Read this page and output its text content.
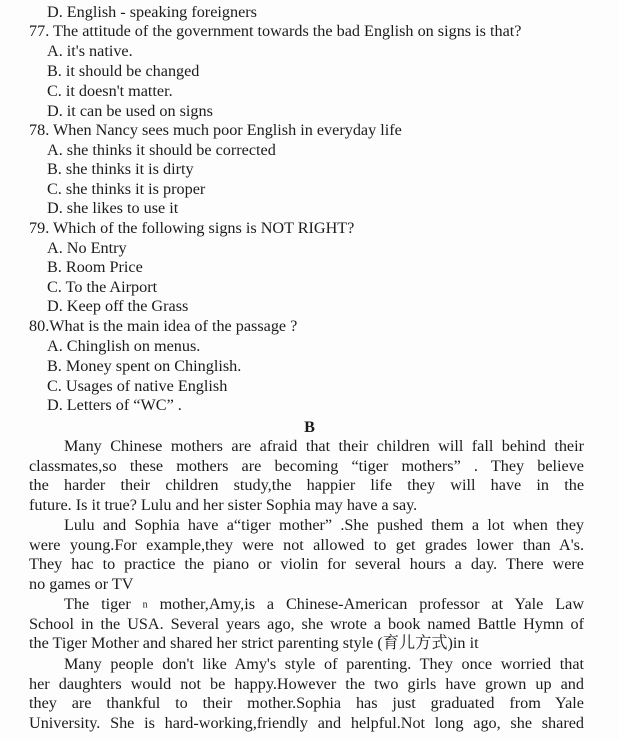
D. English - speaking foreigners
77. The attitude of the government towards the bad English on signs is that?
A. it's native.
B. it should be changed
C. it doesn't matter.
D. it can be used on signs
78. When Nancy sees much poor English in everyday life
A. she thinks it should be corrected
B. she thinks it is dirty
C. she thinks it is proper
D. she likes to use it
79. Which of the following signs is NOT RIGHT?
A. No Entry
B. Room Price
C. To the Airport
D. Keep off the Grass
80.What is the main idea of the passage ?
A. Chinglish on menus.
B. Money spent on Chinglish.
C. Usages of native English
D. Letters of “WC” .
B
Many Chinese mothers are afraid that their children will fall behind their
classmates,so these mothers are becoming “tiger mothers” . They believe
the harder their children study,the happier life they will have in the
future. Is it true? Lulu and her sister Sophia may have a say.
Lulu and Sophia have a“tiger mother” .She pushed them a lot when they
were young.For example,they were not allowed to get grades lower than A's.
They hac to practice the piano or violin for several hours a day. There were
no games or TV
The tiger n mother,Amy,is a Chinese-American professor at Yale Law
School in the USA. Several years ago, she wrote a book named Battle Hymn of
the Tiger Mother and shared her strict parenting style (育儿方式)in it
Many people don't like Amy's style of parenting. They once worried that
her daughters would not be happy.However the two girls have grown up and
they are thankful to their mother.Sophia has just graduated from Yale
University. She is hard-working,friendly and helpful.Not long ago, she shared
